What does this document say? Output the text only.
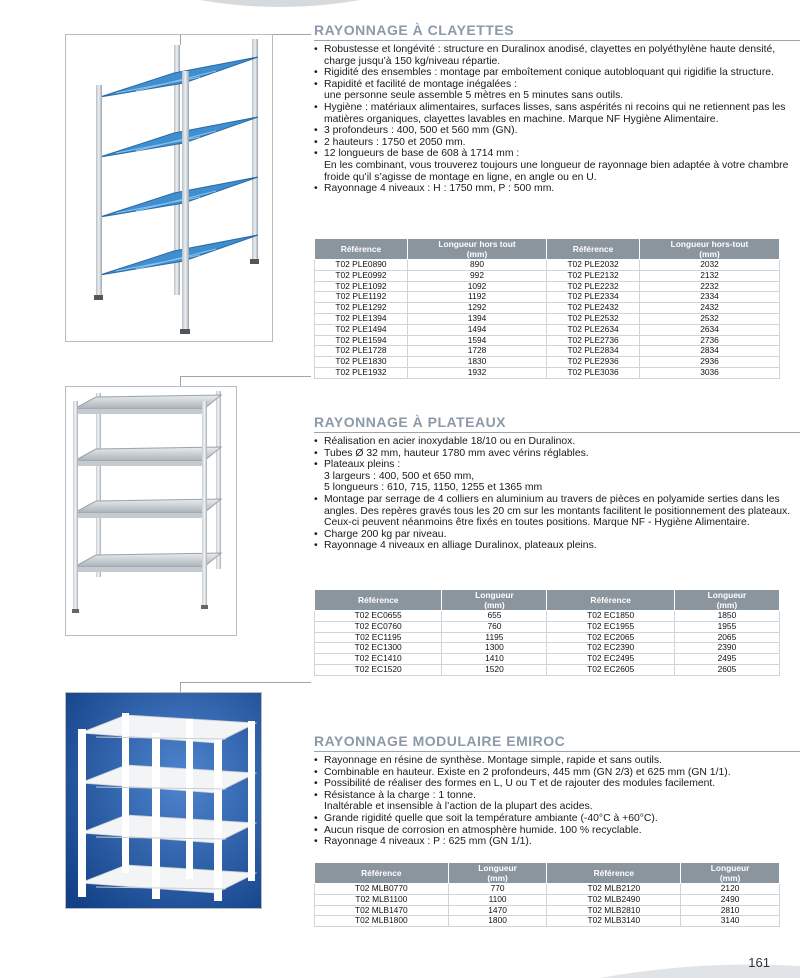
RAYONNAGE À CLAYETTES
• Robustesse et longévité : structure en Duralinox anodisé, clayettes en polyéthylène haute densité, charge jusqu’à 150 kg/niveau répartie.
• Rigidité des ensembles : montage par emboîtement conique autobloquant qui rigidifie la structure.
• Rapidité et facilité de montage inégalées :
une personne seule assemble 5 mètres en 5 minutes sans outils.
• Hygiène : matériaux alimentaires, surfaces lisses, sans aspérités ni recoins qui ne retiennent pas les matières organiques, clayettes lavables en machine. Marque NF Hygiène Alimentaire.
• 3 profondeurs : 400, 500 et 560 mm (GN).
• 2 hauteurs : 1750 et 2050 mm.
• 12 longueurs de base de 608 à 1714 mm :
En les combinant, vous trouverez toujours une longueur de rayonnage bien adaptée à votre chambre froide qu’il s’agisse de montage en ligne, en angle ou en U.
• Rayonnage 4 niveaux : H : 1750 mm, P : 500 mm.
Référence	Longueur hors tout
(mm)	Référence	Longueur hors-tout
(mm)
T02 PLE0890	890	T02 PLE2032	2032
T02 PLE0992	992	T02 PLE2132	2132
T02 PLE1092	1092	T02 PLE2232	2232
T02 PLE1192	1192	T02 PLE2334	2334
T02 PLE1292	1292	T02 PLE2432	2432
T02 PLE1394	1394	T02 PLE2532	2532
T02 PLE1494	1494	T02 PLE2634	2634
T02 PLE1594	1594	T02 PLE2736	2736
T02 PLE1728	1728	T02 PLE2834	2834
T02 PLE1830	1830	T02 PLE2936	2936
T02 PLE1932	1932	T02 PLE3036	3036
RAYONNAGE À PLATEAUX
• Réalisation en acier inoxydable 18/10 ou en Duralinox.
• Tubes Ø 32 mm, hauteur 1780 mm avec vérins réglables.
• Plateaux pleins :
3 largeurs : 400, 500 et 650 mm,
5 longueurs : 610, 715, 1150, 1255 et 1365 mm
• Montage par serrage de 4 colliers en aluminium au travers de pièces en polyamide serties dans les angles. Des repères gravés tous les 20 cm sur les montants facilitent le positionnement des plateaux. Ceux-ci peuvent néanmoins être fixés en toutes positions. Marque NF - Hygiène Alimentaire.
• Charge 200 kg par niveau.
• Rayonnage 4 niveaux en alliage Duralinox, plateaux pleins.
Référence	Longueur
(mm)	Référence	Longueur
(mm)
T02 EC0655	655	T02 EC1850	1850
T02 EC0760	760	T02 EC1955	1955
T02 EC1195	1195	T02 EC2065	2065
T02 EC1300	1300	T02 EC2390	2390
T02 EC1410	1410	T02 EC2495	2495
T02 EC1520	1520	T02 EC2605	2605
RAYONNAGE MODULAIRE EMIROC
• Rayonnage en résine de synthèse. Montage simple, rapide et sans outils.
• Combinable en hauteur. Existe en 2 profondeurs, 445 mm (GN 2/3) et 625 mm (GN 1/1).
• Possibilité de réaliser des formes en L, U ou T et de rajouter des modules facilement.
• Résistance à la charge : 1 tonne.
Inaltérable et insensible à l’action de la plupart des acides.
• Grande rigidité quelle que soit la température ambiante (-40°C à +60°C).
• Aucun risque de corrosion en atmosphère humide. 100 % recyclable.
• Rayonnage 4 niveaux : P : 625 mm (GN 1/1).
Référence	Longueur
(mm)	Référence	Longueur
(mm)
T02 MLB0770	770	T02 MLB2120	2120
T02 MLB1100	1100	T02 MLB2490	2490
T02 MLB1470	1470	T02 MLB2810	2810
T02 MLB1800	1800	T02 MLB3140	3140
161
